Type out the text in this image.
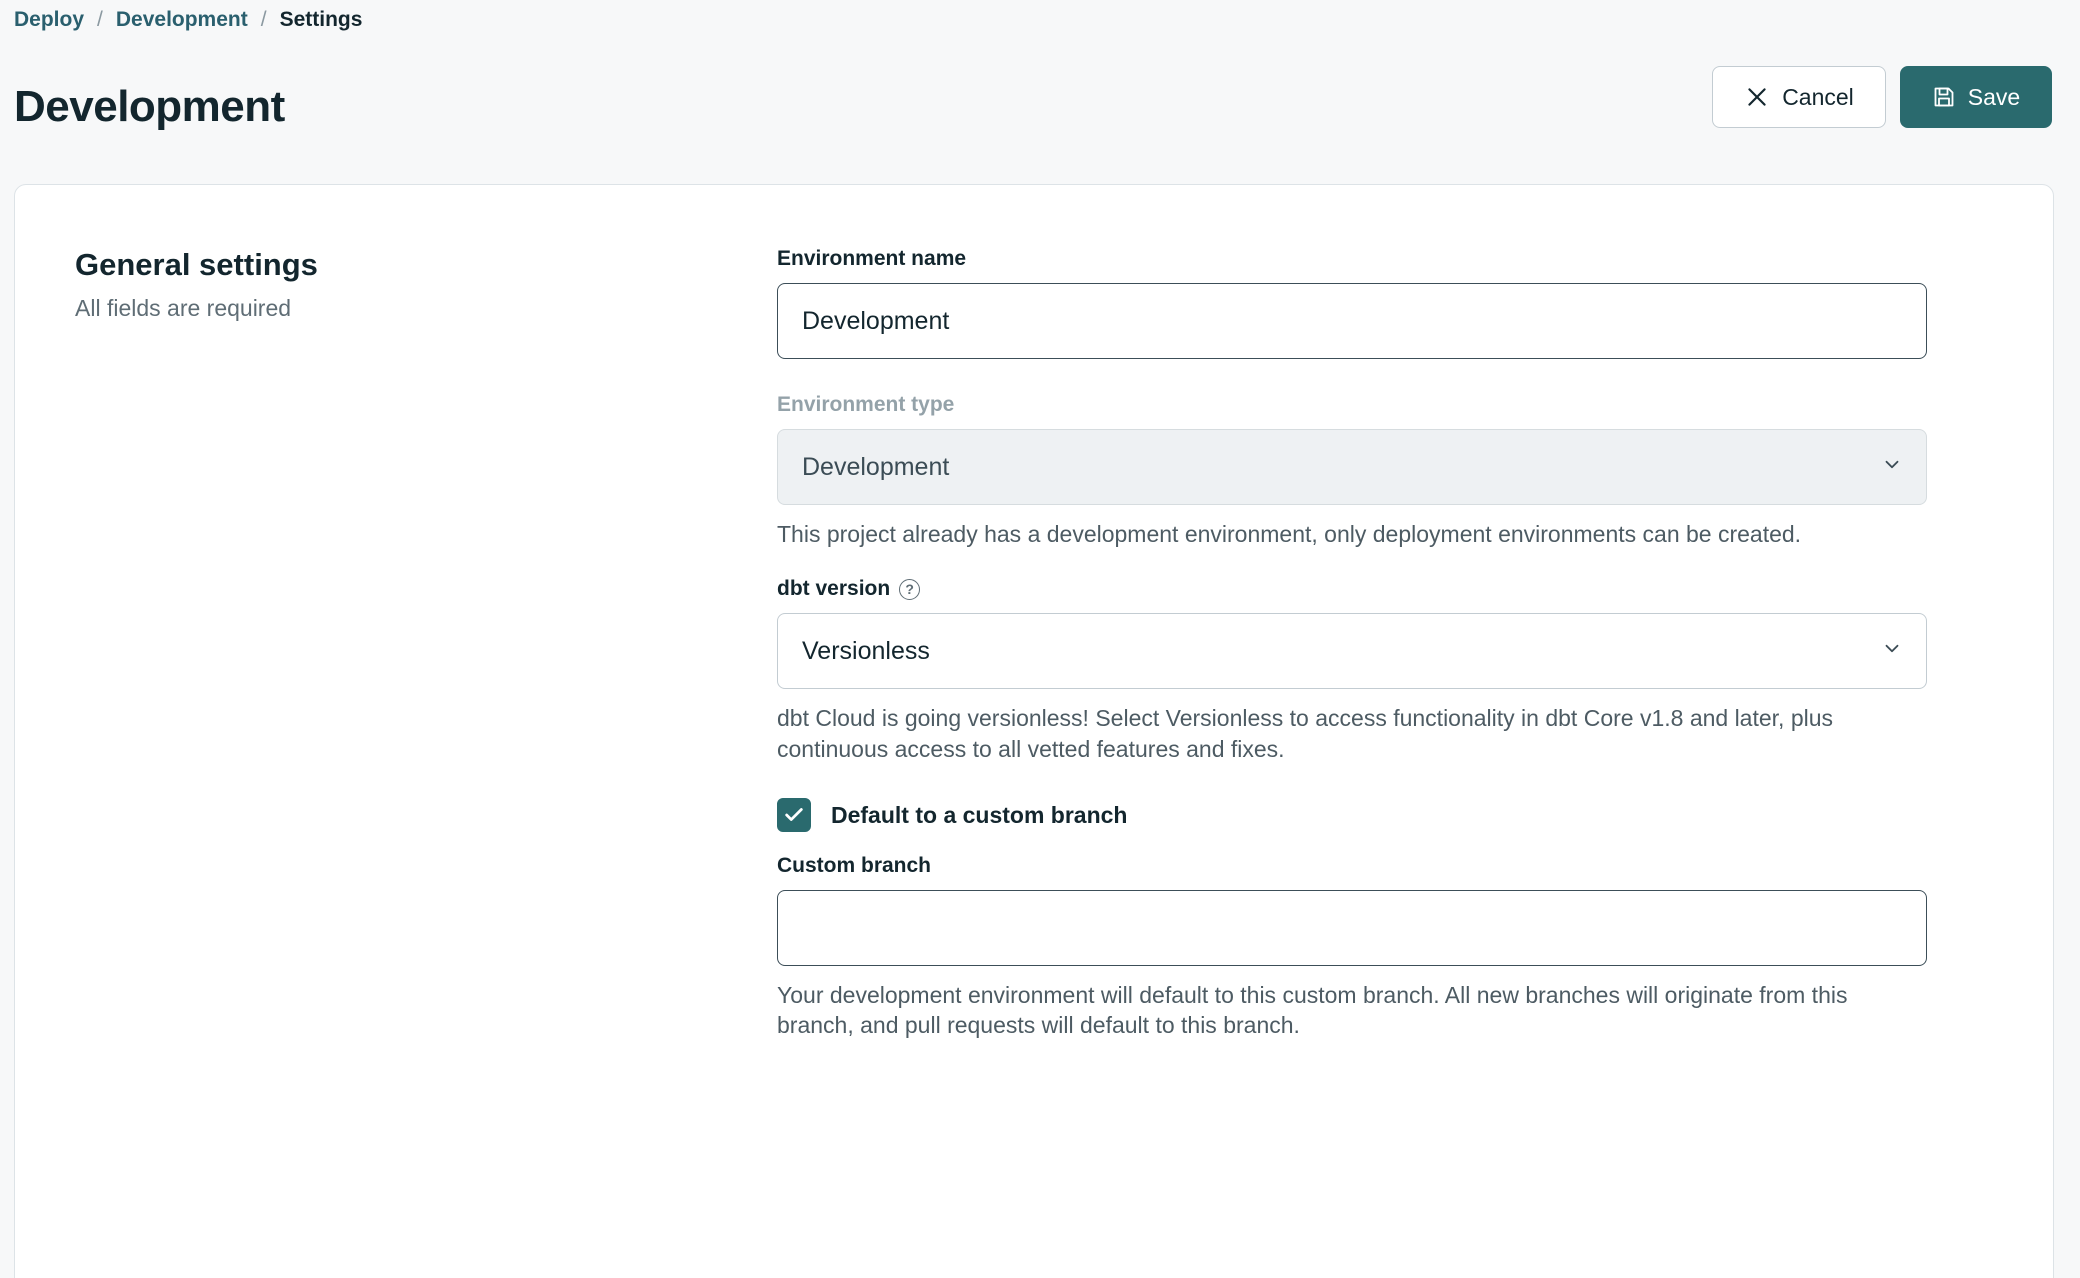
Deploy / Development / Settings
Development	Cancel	Save
General settings

All fields are required

Environment name
Development
Environment type
Development

This project already has a development environment, only deployment environments can be created.

dbt version	?
Versionless

dbt Cloud is going versionless! Select Versionless to access functionality in dbt Core v1.8 and later, plus continuous access to all vetted features and fixes.

Default to a custom branch
Custom branch

Your development environment will default to this custom branch. All new branches will originate from this branch, and pull requests will default to this branch.
